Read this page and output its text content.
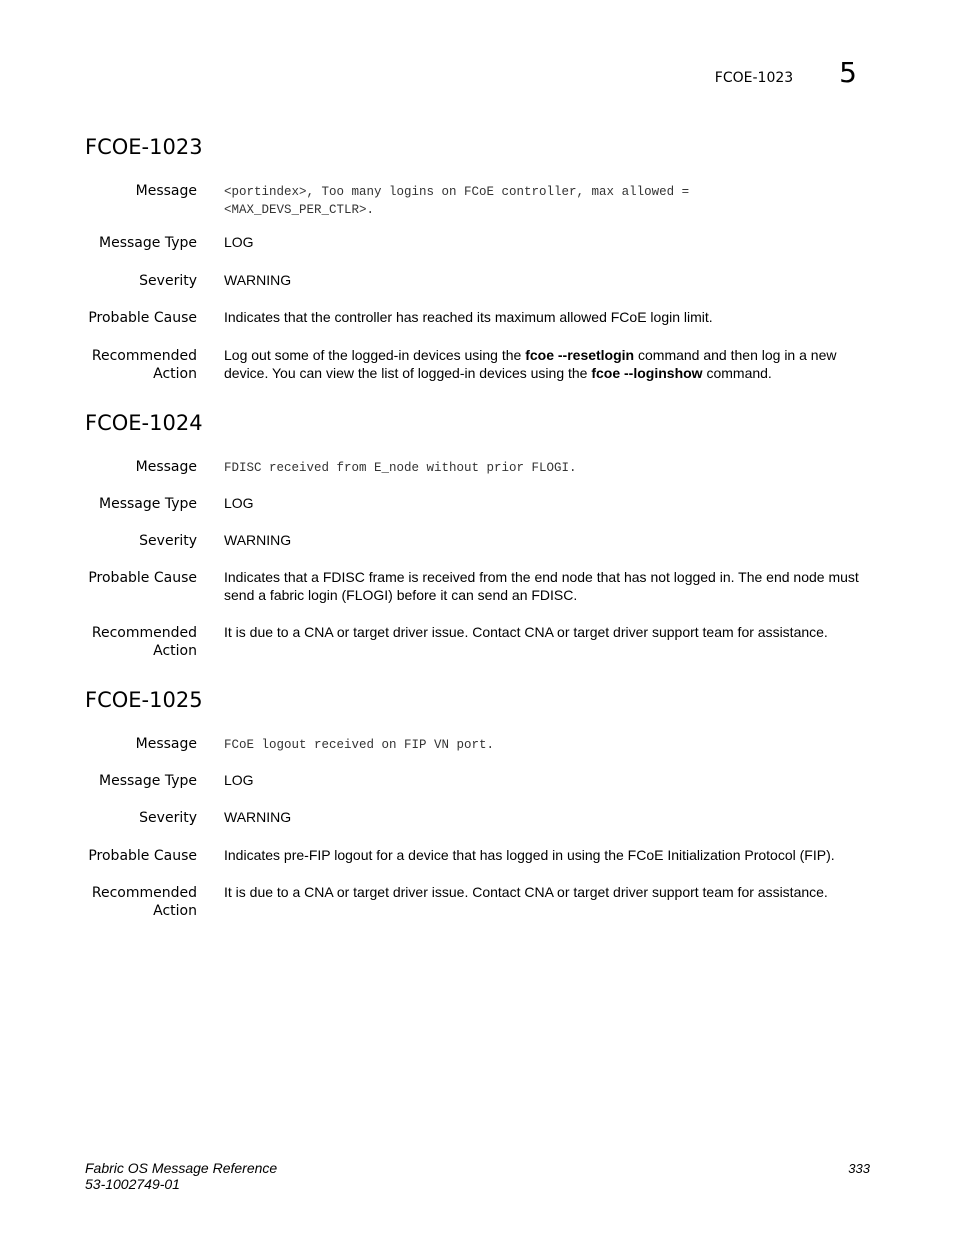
FCOE-1023 5
FCOE-1023
Message <portindex>, Too many logins on FCoE controller, max allowed =
<MAX_DEVS_PER_CTLR>.
Message Type LOG
Severity WARNING
Probable Cause Indicates that the controller has reached its maximum allowed FCoE login limit.
Recommended
Action
Log out some of the logged-in devices using the fcoe --resetlogin command and then log in a new device. You can view the list of logged-in devices using the fcoe --loginshow command.
FCOE-1024
Message FDISC received from E_node without prior FLOGI.
Message Type LOG
Severity WARNING
Probable Cause Indicates that a FDISC frame is received from the end node that has not logged in. The end node must send a fabric login (FLOGI) before it can send an FDISC.
Recommended
Action
It is due to a CNA or target driver issue. Contact CNA or target driver support team for assistance.
FCOE-1025
Message FCoE logout received on FIP VN port.
Message Type LOG
Severity WARNING
Probable Cause Indicates pre-FIP logout for a device that has logged in using the FCoE Initialization Protocol (FIP).
Recommended
Action
It is due to a CNA or target driver issue. Contact CNA or target driver support team for assistance.
Fabric OS Message Reference
53-1002749-01
333
